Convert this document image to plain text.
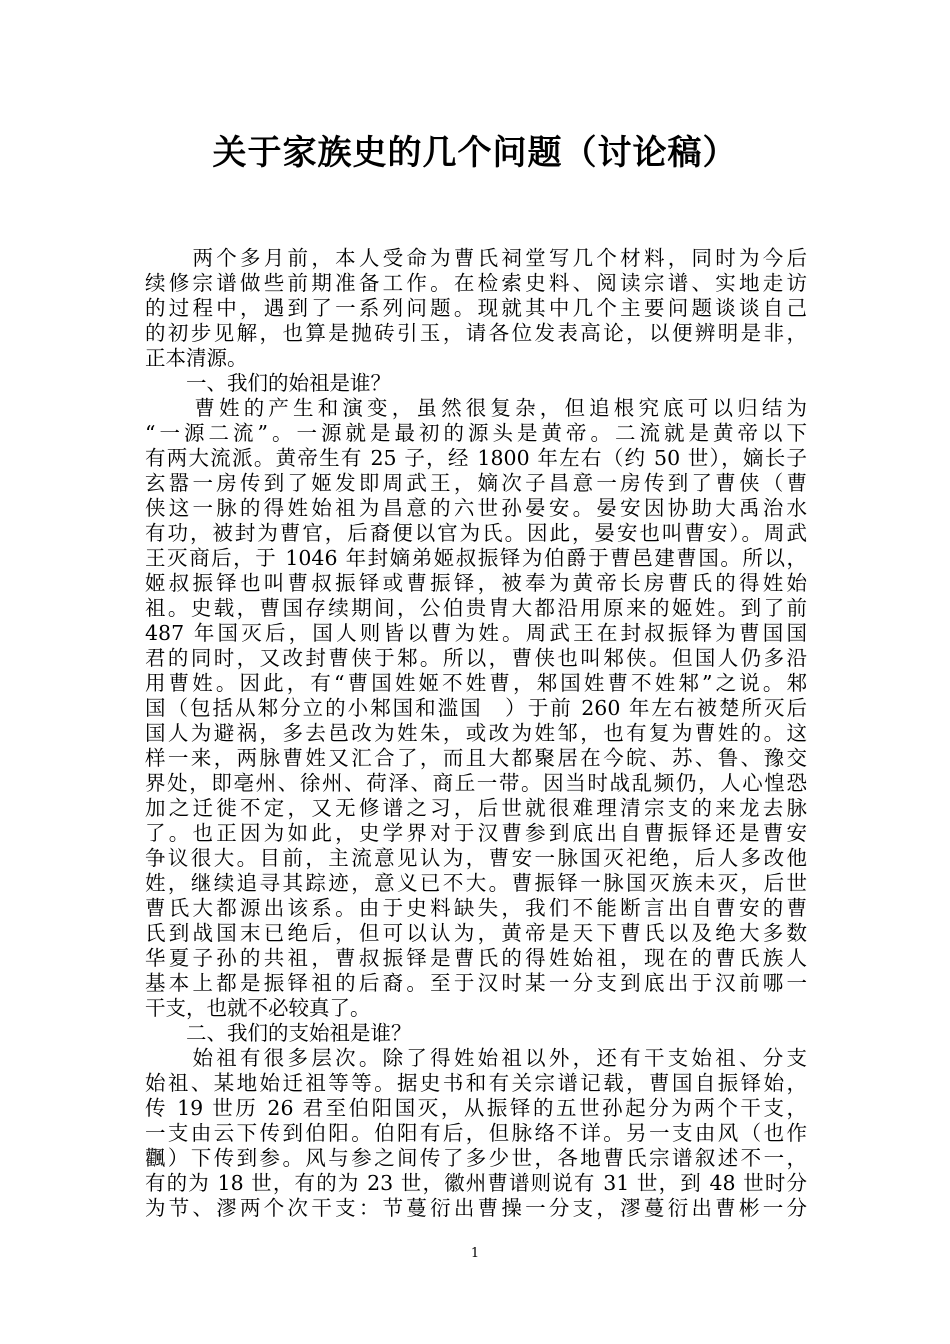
关于家族史的几个问题（讨论稿）
　　两个多月前，本人受命为曹氏祠堂写几个材料，同时为今后
续修宗谱做些前期准备工作。在检索史料、阅读宗谱、实地走访
的过程中，遇到了一系列问题。现就其中几个主要问题谈谈自己
的初步见解，也算是抛砖引玉，请各位发表高论，以便辨明是非，
正本清源。
　　一、我们的始祖是谁？
　　曹姓的产生和演变，虽然很复杂，但追根究底可以归结为
“一源二流”。一源就是最初的源头是黄帝。二流就是黄帝以下
有两大流派。黄帝生有 25 子，经 1800 年左右（约 50 世），嫡长子
玄嚣一房传到了姬发即周武王，嫡次子昌意一房传到了曹侠（曹
侠这一脉的得姓始祖为昌意的六世孙晏安。晏安因协助大禹治水
有功，被封为曹官，后裔便以官为氏。因此，晏安也叫曹安）。周武
王灭商后，于 1046 年封嫡弟姬叔振铎为伯爵于曹邑建曹国。所以，
姬叔振铎也叫曹叔振铎或曹振铎，被奉为黄帝长房曹氏的得姓始
祖。史载，曹国存续期间，公伯贵胄大都沿用原来的姬姓。到了前
487 年国灭后，国人则皆以曹为姓。周武王在封叔振铎为曹国国
君的同时，又改封曹侠于邾。所以，曹侠也叫邾侠。但国人仍多沿
用曹姓。因此，有“曹国姓姬不姓曹，邾国姓曹不姓邾”之说。邾
国（包括从邾分立的小邾国和滥国　）于前 260 年左右被楚所灭后
国人为避祸，多去邑改为姓朱，或改为姓邹，也有复为曹姓的。这
样一来，两脉曹姓又汇合了，而且大都聚居在今皖、苏、鲁、豫交
界处，即亳州、徐州、荷泽、商丘一带。因当时战乱频仍，人心惶恐
加之迁徙不定，又无修谱之习，后世就很难理清宗支的来龙去脉
了。也正因为如此，史学界对于汉曹参到底出自曹振铎还是曹安
争议很大。目前，主流意见认为，曹安一脉国灭祀绝，后人多改他
姓，继续追寻其踪迹，意义已不大。曹振铎一脉国灭族未灭，后世
曹氏大都源出该系。由于史料缺失，我们不能断言出自曹安的曹
氏到战国末已绝后，但可以认为，黄帝是天下曹氏以及绝大多数
华夏子孙的共祖，曹叔振铎是曹氏的得姓始祖，现在的曹氏族人
基本上都是振铎祖的后裔。至于汉时某一分支到底出于汉前哪一
干支，也就不必较真了。
　　二、我们的支始祖是谁？
　　始祖有很多层次。除了得姓始祖以外，还有干支始祖、分支
始祖、某地始迁祖等等。据史书和有关宗谱记载，曹国自振铎始，
传 19 世历 26 君至伯阳国灭，从振铎的五世孙起分为两个干支，
一支由云下传到伯阳。伯阳有后，但脉络不详。另一支由风（也作
飌）下传到参。风与参之间传了多少世，各地曹氏宗谱叙述不一，
有的为 18 世，有的为 23 世，徽州曹谱则说有 31 世，到 48 世时分
为节、漻两个次干支：节蔓衍出曹操一分支，漻蔓衍出曹彬一分
1
